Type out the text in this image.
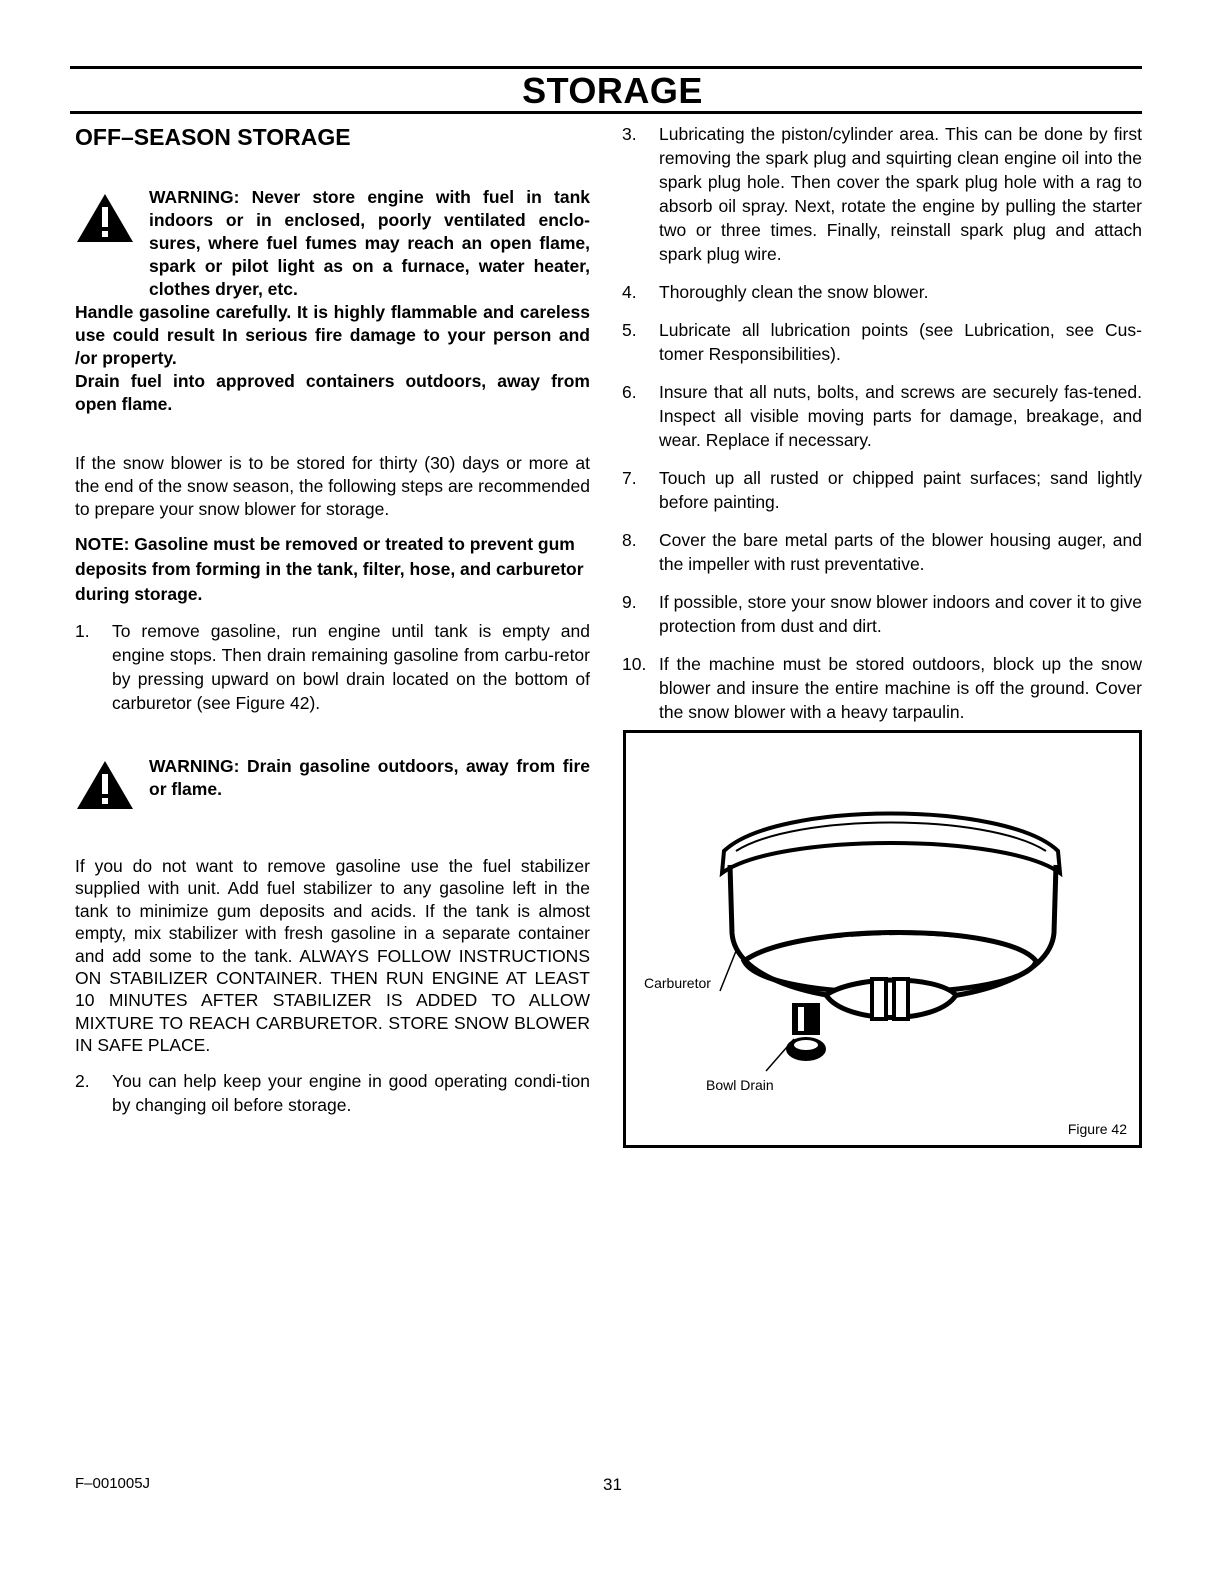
STORAGE
OFF–SEASON STORAGE

WARNING: Never store engine with fuel in tank indoors or in enclosed, poorly ventilated enclo-sures, where fuel fumes may reach an open flame, spark or pilot light as on a furnace, water heater, clothes dryer, etc.

Handle gasoline carefully. It is highly flammable and careless use could result In serious fire damage to your person and /or property.

Drain fuel into approved containers outdoors, away from open flame.

If the snow blower is to be stored for thirty (30) days or more at the end of the snow season, the following steps are recommended to prepare your snow blower for storage.

NOTE: Gasoline must be removed or treated to prevent gum deposits from forming in the tank, filter, hose, and carburetor during storage.

1. To remove gasoline, run engine until tank is empty and engine stops. Then drain remaining gasoline from carbu-retor by pressing upward on bowl drain located on the bottom of carburetor (see Figure 42).

WARNING: Drain gasoline outdoors, away from fire or flame.

If you do not want to remove gasoline use the fuel stabilizer supplied with unit. Add fuel stabilizer to any gasoline left in the tank to minimize gum deposits and acids. If the tank is almost empty, mix stabilizer with fresh gasoline in a separate container and add some to the tank. ALWAYS FOLLOW INSTRUCTIONS ON STABILIZER CONTAINER. THEN RUN ENGINE AT LEAST 10 MINUTES AFTER STABILIZER IS ADDED TO ALLOW MIXTURE TO REACH CARBURETOR. STORE SNOW BLOWER IN SAFE PLACE.

2. You can help keep your engine in good operating condi-tion by changing oil before storage.
3. Lubricating the piston/cylinder area. This can be done by first removing the spark plug and squirting clean engine oil into the spark plug hole. Then cover the spark plug hole with a rag to absorb oil spray. Next, rotate the engine by pulling the starter two or three times. Finally, reinstall spark plug and attach spark plug wire.
4. Thoroughly clean the snow blower.
5. Lubricate all lubrication points (see Lubrication, see Cus-tomer Responsibilities).
6. Insure that all nuts, bolts, and screws are securely fas-tened. Inspect all visible moving parts for damage, breakage, and wear. Replace if necessary.
7. Touch up all rusted or chipped paint surfaces; sand lightly before painting.
8. Cover the bare metal parts of the blower housing auger, and the impeller with rust preventative.
9. If possible, store your snow blower indoors and cover it to give protection from dust and dirt.
10. If the machine must be stored outdoors, block up the snow blower and insure the entire machine is off the ground. Cover the snow blower with a heavy tarpaulin.
Carburetor
Bowl Drain
Figure 42
F–001005J	31
